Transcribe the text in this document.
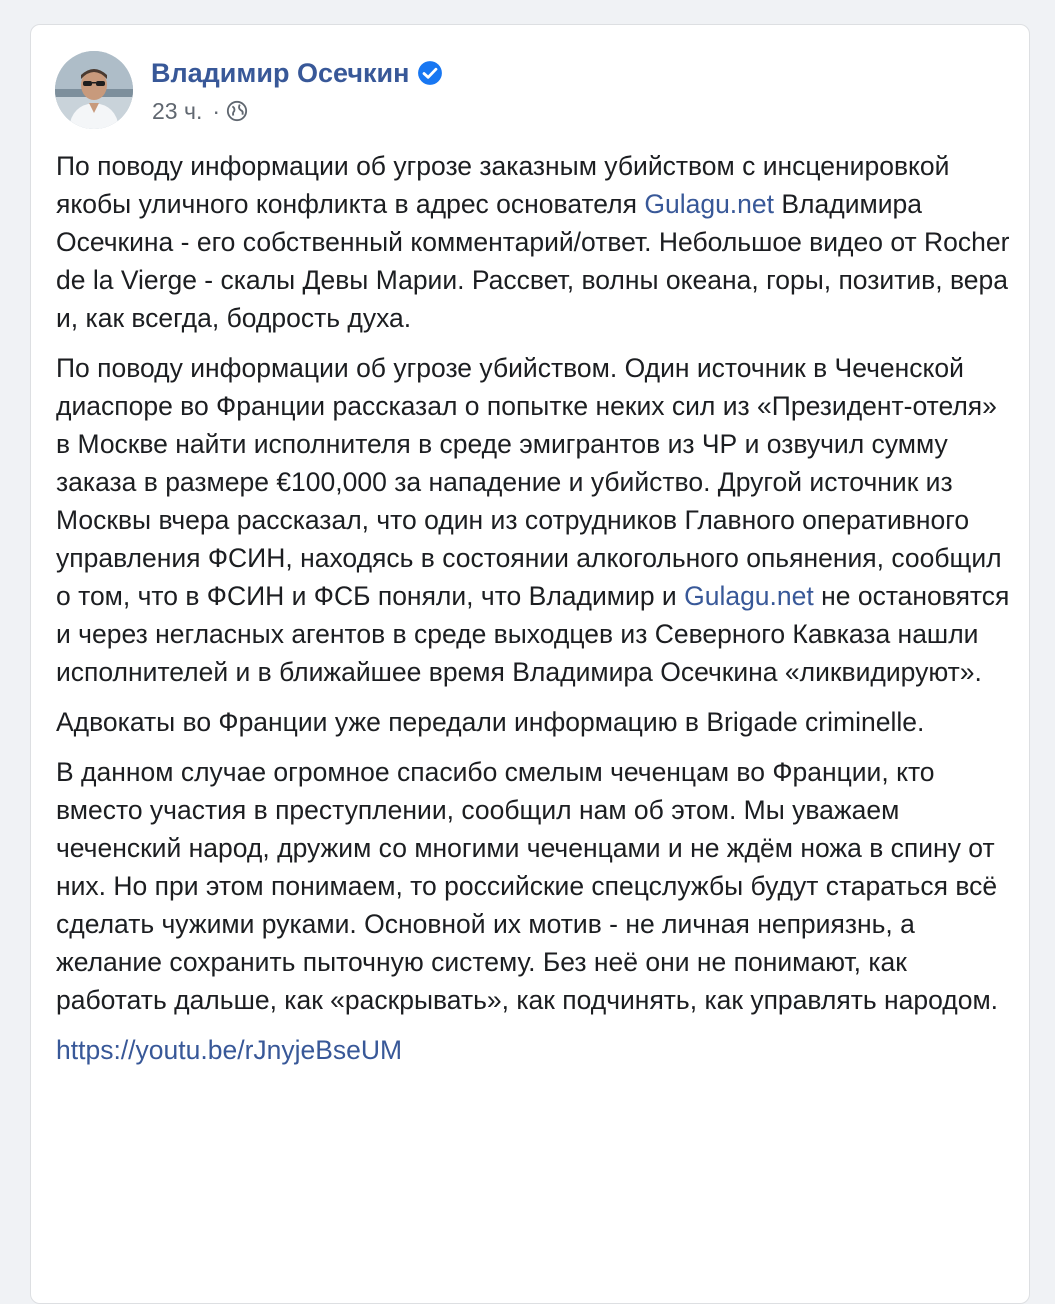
Владимир Осечкин
23 ч. ·

По поводу информации об угрозе заказным убийством с инсценировкой якобы уличного конфликта в адрес основателя Gulagu.net Владимира Осечкина - его собственный комментарий/ответ. Небольшое видео от Rocher de la Vierge - скалы Девы Марии. Рассвет, волны океана, горы, позитив, вера и, как всегда, бодрость духа.

По поводу информации об угрозе убийством. Один источник в Чеченской диаспоре во Франции рассказал о попытке неких сил из «Президент-отеля» в Москве найти исполнителя в среде эмигрантов из ЧР и озвучил сумму заказа в размере €100,000 за нападение и убийство. Другой источник из Москвы вчера рассказал, что один из сотрудников Главного оперативного управления ФСИН, находясь в состоянии алкогольного опьянения, сообщил о том, что в ФСИН и ФСБ поняли, что Владимир и Gulagu.net не остановятся и через негласных агентов в среде выходцев из Северного Кавказа нашли исполнителей и в ближайшее время Владимира Осечкина «ликвидируют».

Адвокаты во Франции уже передали информацию в Brigade criminelle.

В данном случае огромное спасибо смелым чеченцам во Франции, кто вместо участия в преступлении, сообщил нам об этом. Мы уважаем чеченский народ, дружим со многими чеченцами и не ждём ножа в спину от них. Но при этом понимаем, то российские спецслужбы будут стараться всё сделать чужими руками. Основной их мотив - не личная неприязнь, а желание сохранить пыточную систему. Без неё они не понимают, как работать дальше, как «раскрывать», как подчинять, как управлять народом.

https://youtu.be/rJnyjeBseUM
